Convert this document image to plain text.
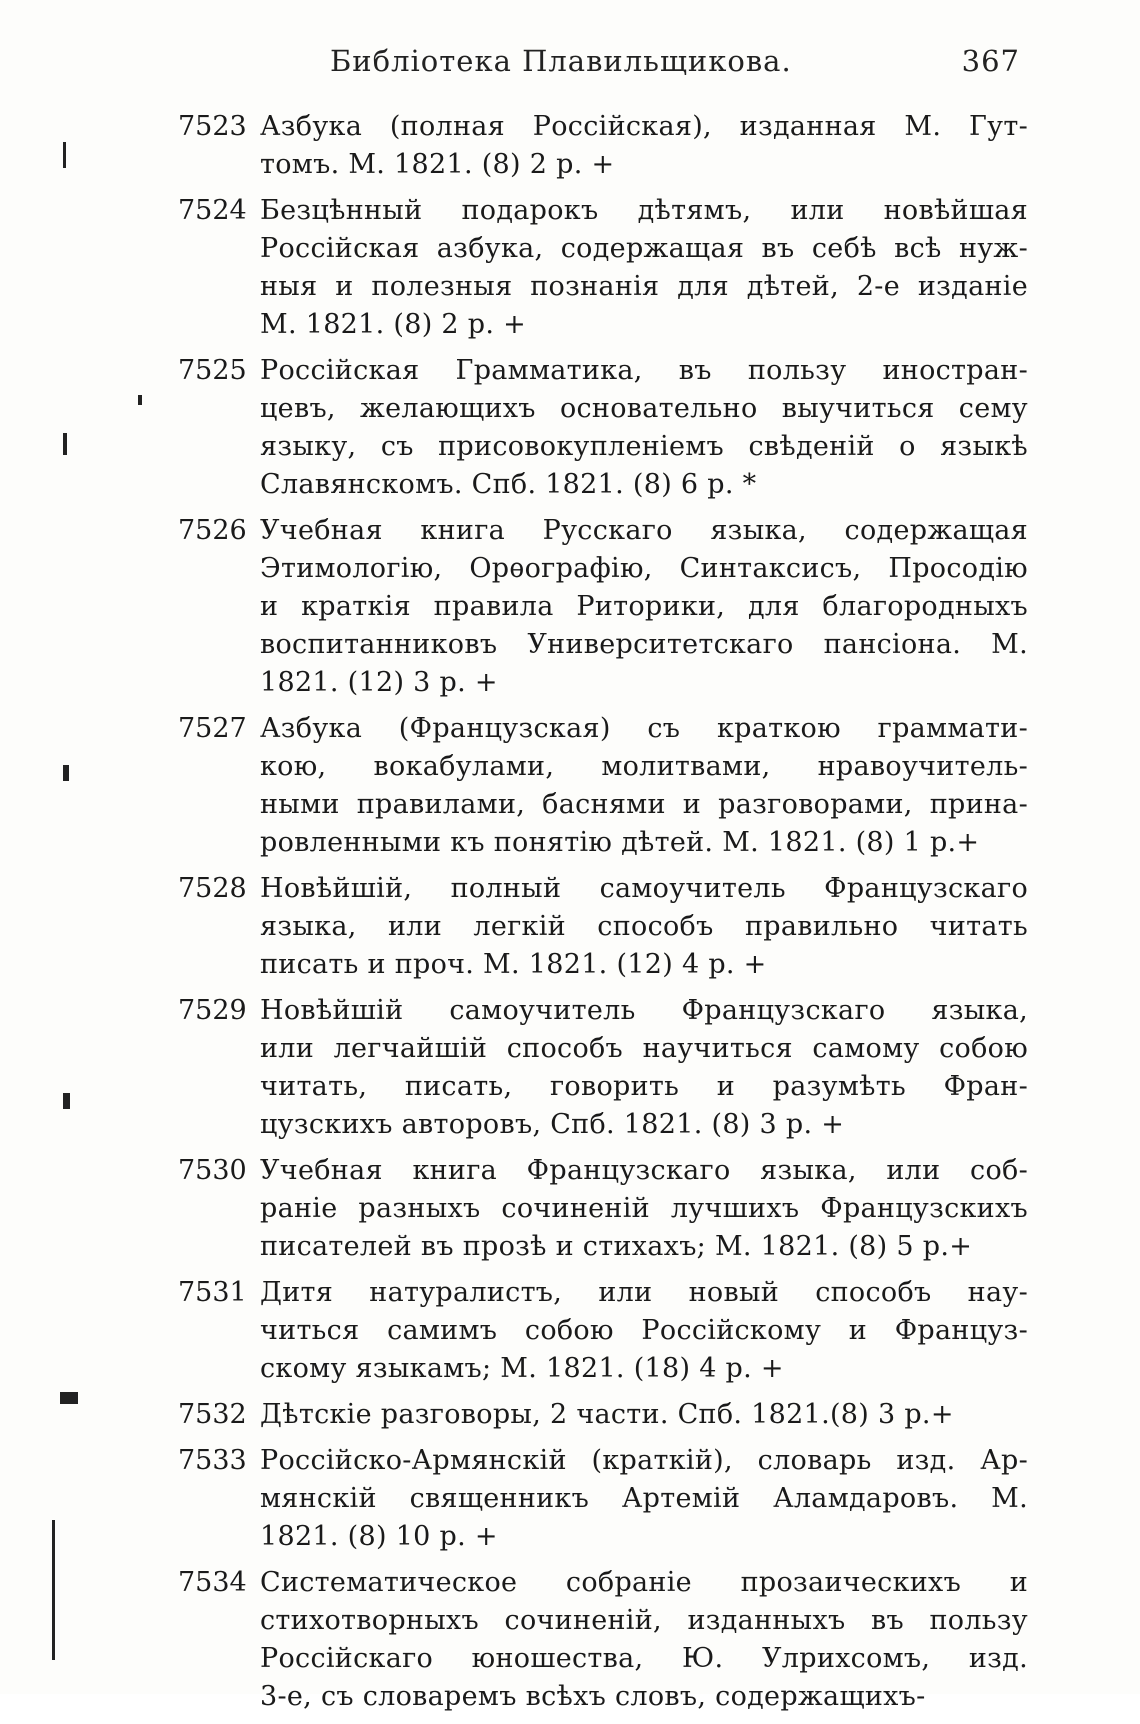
Библіотека Плавильщикова.	367
7523 Азбука (полная Россійская), изданная М. Гут-
томъ. М. 1821. (8) 2 р. +
7524 Безцѣнный подарокъ дѣтямъ, или новѣйшая
Россійская азбука, содержащая въ себѣ всѣ нуж-
ныя и полезныя познанія для дѣтей, 2-е изданіе
М. 1821. (8) 2 р. +
7525 Россійская Грамматика, въ пользу иностран-
цевъ, желающихъ основательно выучиться сему
языку, съ присовокупленіемъ свѣденій о языкѣ
Славянскомъ. Спб. 1821. (8) 6 р. *
7526 Учебная книга Русскаго языка, содержащая
Этимологію, Орѳографію, Синтаксисъ, Просодію
и краткія правила Риторики, для благородныхъ
воспитанниковъ Университетскаго пансіона. М.
1821. (12) 3 р. +
7527 Азбука (Французская) съ краткою граммати-
кою, вокабулами, молитвами, нравоучитель-
ными правилами, баснями и разговорами, прина-
ровленными къ понятію дѣтей. М. 1821. (8) 1 р.+
7528 Новѣйшій, полный самоучитель Французскаго
языка, или легкій способъ правильно читать
писать и проч. М. 1821. (12) 4 р. +
7529 Новѣйшій самоучитель Французскаго языка,
или легчайшій способъ научиться самому собою
читать, писать, говорить и разумѣть Фран-
цузскихъ авторовъ, Спб. 1821. (8) 3 р. +
7530 Учебная книга Французскаго языка, или соб-
раніе разныхъ сочиненій лучшихъ Французскихъ
писателей въ прозѣ и стихахъ; М. 1821. (8) 5 р.+
7531 Дитя натуралистъ, или новый способъ нау-
читься самимъ собою Россійскому и Француз-
скому языкамъ; М. 1821. (18) 4 р. +
7532 Дѣтскіе разговоры, 2 части. Спб. 1821.(8) 3 р.+
7533 Россійско-Армянскій (краткій), словарь изд. Ар-
мянскій священникъ Артемій Аламдаровъ. М.
1821. (8) 10 р. +
7534 Систематическое собраніе прозаическихъ и
стихотворныхъ сочиненій, изданныхъ въ пользу
Россійскаго юношества, Ю. Улрихсомъ, изд.
3-е, съ словаремъ всѣхъ словъ, содержащихъ-
